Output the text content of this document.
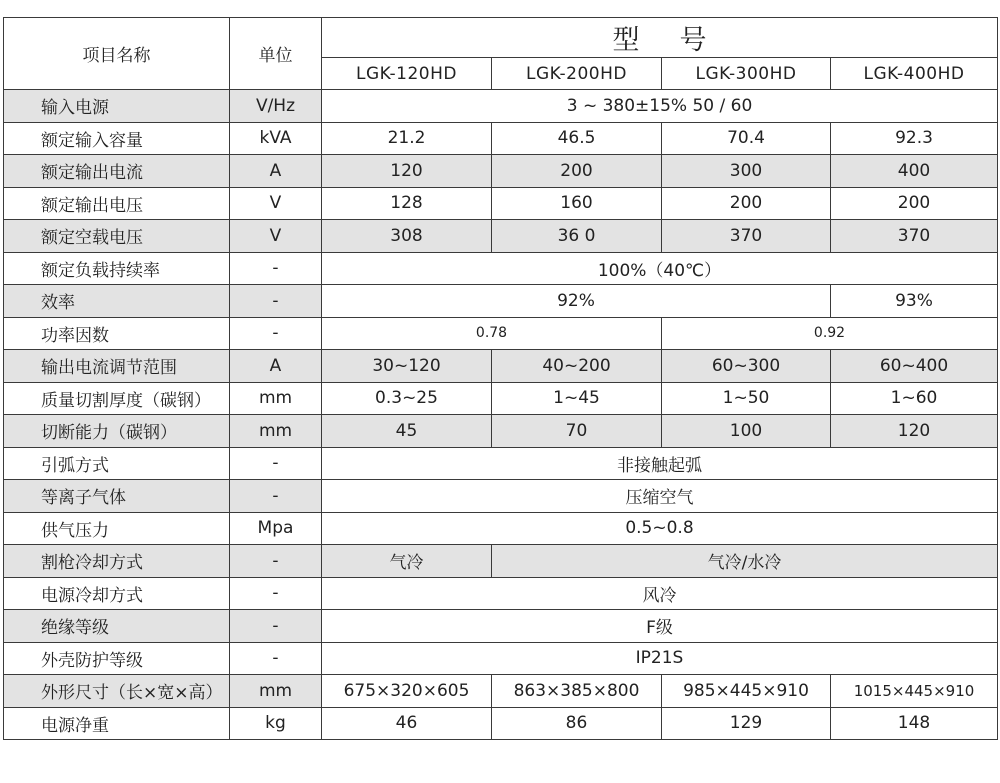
项目名称	单位	型号			
		LGK-120HD	LGK-200HD	LGK-300HD	LGK-400HD
输入电源	V/Hz	3 ~ 380±15% 50 / 60			
额定输入容量	kVA	21.2	46.5	70.4	92.3
额定输出电流	A	120	200	300	400
额定输出电压	V	128	160	200	200
额定空载电压	V	308	36 0	370	370
额定负载持续率	-	100%（40℃）			
效率	-	92%			93%
功率因数	-	0.78		0.92	
输出电流调节范围	A	30~120	40~200	60~300	60~400
质量切割厚度（碳钢）	mm	0.3~25	1~45	1~50	1~60
切断能力（碳钢）	mm	45	70	100	120
引弧方式	-	非接触起弧			
等离子气体	-	压缩空气			
供气压力	Mpa	0.5~0.8			
割枪冷却方式	-	气冷	气冷/水冷		
电源冷却方式	-	风冷			
绝缘等级	-	F级			
外壳防护等级	-	IP21S			
外形尺寸（长×宽×高）	mm	675×320×605	863×385×800	985×445×910	1015×445×910
电源净重	kg	46	86	129	148
